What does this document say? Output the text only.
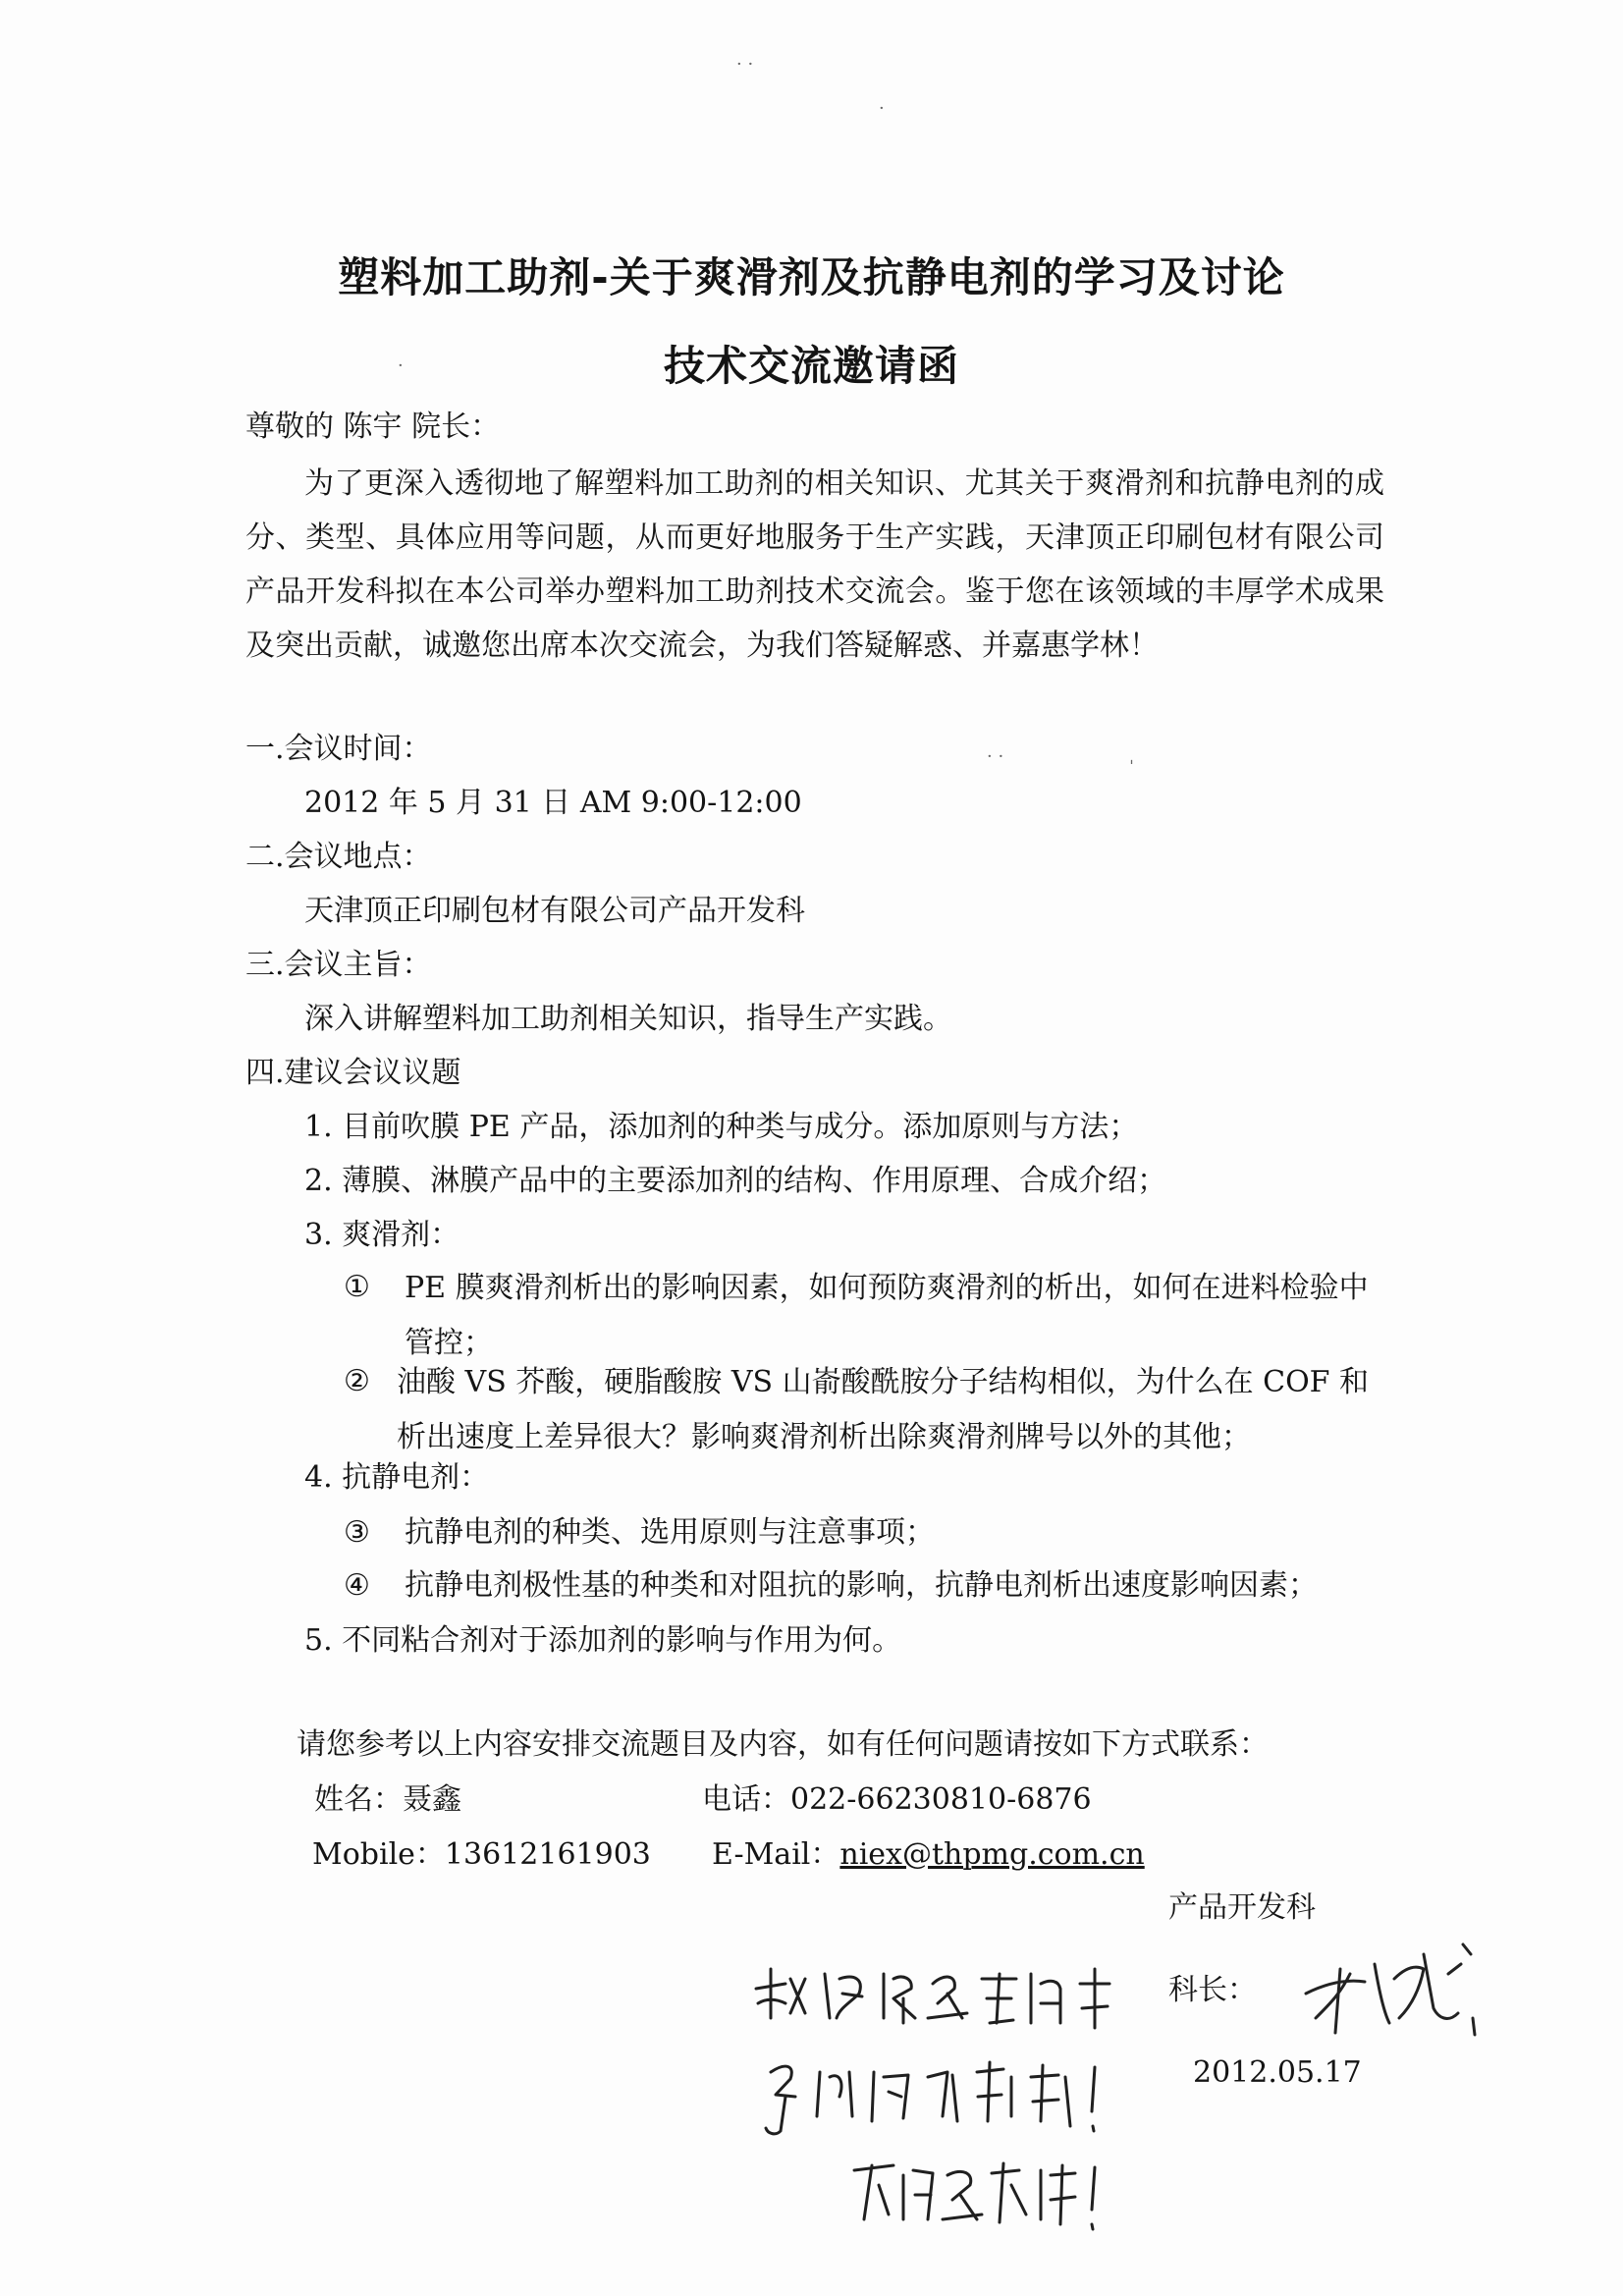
· ·
·
·
ˌ
· ·
塑料加工助剂-关于爽滑剂及抗静电剂的学习及讨论
技术交流邀请函
尊敬的 陈宇 院长：
为了更深入透彻地了解塑料加工助剂的相关知识、尤其关于爽滑剂和抗静电剂的成分、类型、具体应用等问题，从而更好地服务于生产实践，天津顶正印刷包材有限公司产品开发科拟在本公司举办塑料加工助剂技术交流会。鉴于您在该领域的丰厚学术成果及突出贡献，诚邀您出席本次交流会，为我们答疑解惑、并嘉惠学林！
一.会议时间：
2012 年 5 月 31 日 AM 9:00-12:00
二.会议地点：
天津顶正印刷包材有限公司产品开发科
三.会议主旨：
深入讲解塑料加工助剂相关知识，指导生产实践。
四.建议会议议题
1. 目前吹膜 PE 产品，添加剂的种类与成分。添加原则与方法；
2. 薄膜、淋膜产品中的主要添加剂的结构、作用原理、合成介绍；
3. 爽滑剂：
① PE 膜爽滑剂析出的影响因素，如何预防爽滑剂的析出，如何在进料检验中管控；
② 油酸 VS 芥酸，硬脂酸胺 VS 山嵛酸酰胺分子结构相似，为什么在 COF 和析出速度上差异很大？影响爽滑剂析出除爽滑剂牌号以外的其他；
4. 抗静电剂：
③ 抗静电剂的种类、选用原则与注意事项；
④ 抗静电剂极性基的种类和对阻抗的影响，抗静电剂析出速度影响因素；
5. 不同粘合剂对于添加剂的影响与作用为何。
请您参考以上内容安排交流题目及内容，如有任何问题请按如下方式联系：
姓名：聂鑫	电话：022-66230810-6876
Mobile：13612161903 E-Mail：niex@thpmg.com.cn
产品开发科
科长：
2012.05.17
